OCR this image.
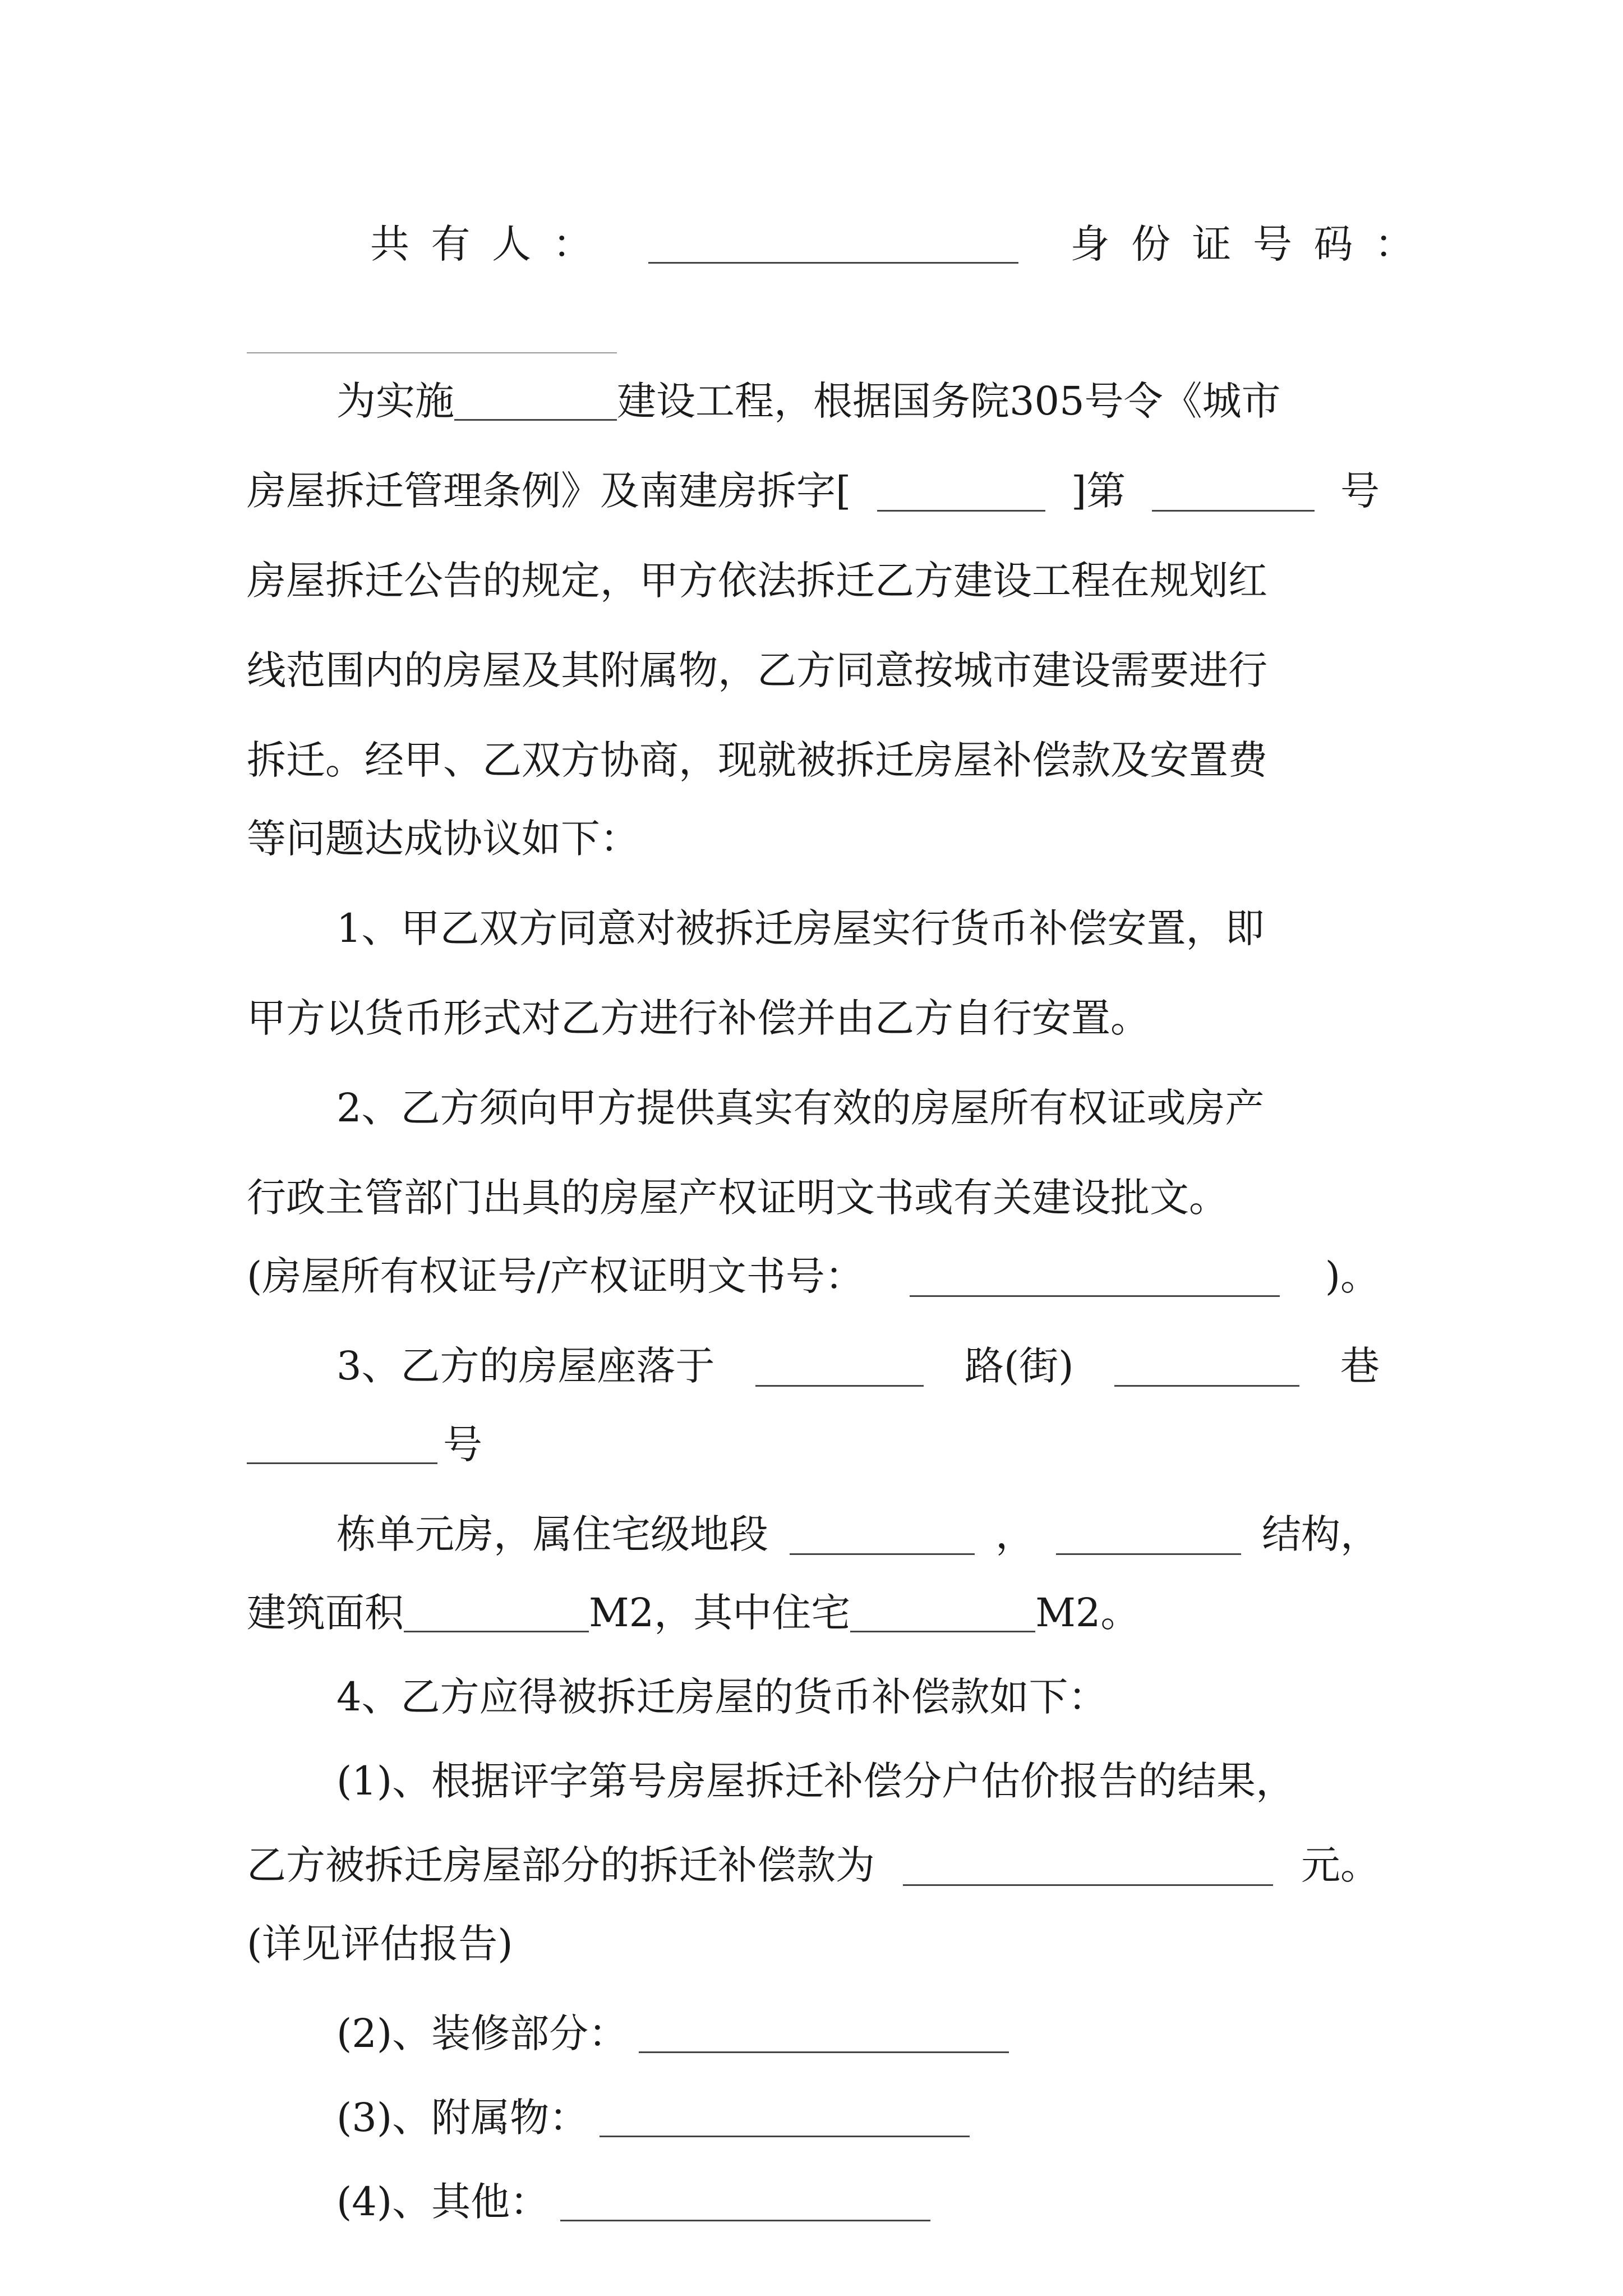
共有人：	身份证号码：
为实施	建设工程，根据国务院305号令《城市
房屋拆迁管理条例》及南建房拆字[	]第	号
房屋拆迁公告的规定，甲方依法拆迁乙方建设工程在规划红
线范围内的房屋及其附属物，乙方同意按城市建设需要进行
拆迁。经甲、乙双方协商，现就被拆迁房屋补偿款及安置费
等问题达成协议如下：
1、甲乙双方同意对被拆迁房屋实行货币补偿安置，即
甲方以货币形式对乙方进行补偿并由乙方自行安置。
2、乙方须向甲方提供真实有效的房屋所有权证或房产
行政主管部门出具的房屋产权证明文书或有关建设批文。
(房屋所有权证号/产权证明文书号：	)。
3、乙方的房屋座落于	路(街)	巷
号
栋单元房，属住宅级地段	，	结构，
建筑面积	M2，其中住宅	M2。
4、乙方应得被拆迁房屋的货币补偿款如下：
(1)、根据评字第号房屋拆迁补偿分户估价报告的结果，
乙方被拆迁房屋部分的拆迁补偿款为	元。
(详见评估报告)
(2)、装修部分：
(3)、附属物：
(4)、其他：
